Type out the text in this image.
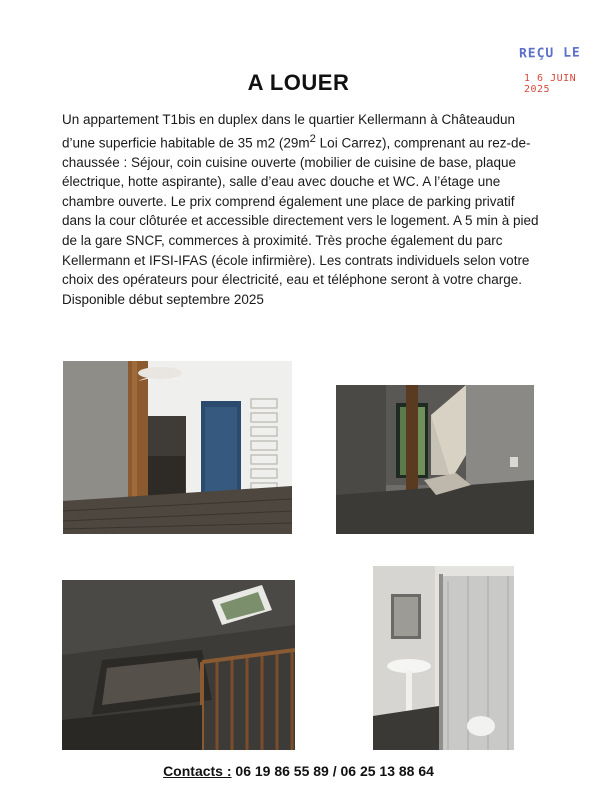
REÇU LE
1 6 JUIN 2025
A LOUER

Un appartement T1bis en duplex dans le quartier Kellermann à Châteaudun d’une superficie habitable de 35 m2 ($29m^2$ Loi Carrez), comprenant au rez-de-chaussée : Séjour, coin cuisine ouverte (mobilier de cuisine de base, plaque électrique, hotte aspirante), salle d’eau avec douche et WC. A l’étage une chambre ouverte. Le prix comprend également une place de parking privatif dans la cour clôturée et accessible directement vers le logement. A 5 min à pied de la gare SNCF, commerces à proximité. Très proche également du parc Kellermann et IFSI-IFAS (école infirmière). Les contrats individuels selon votre choix des opérateurs pour électricité, eau et téléphone seront à votre charge. Disponible début septembre 2025

Contacts : 06 19 86 55 89 / 06 25 13 88 64
